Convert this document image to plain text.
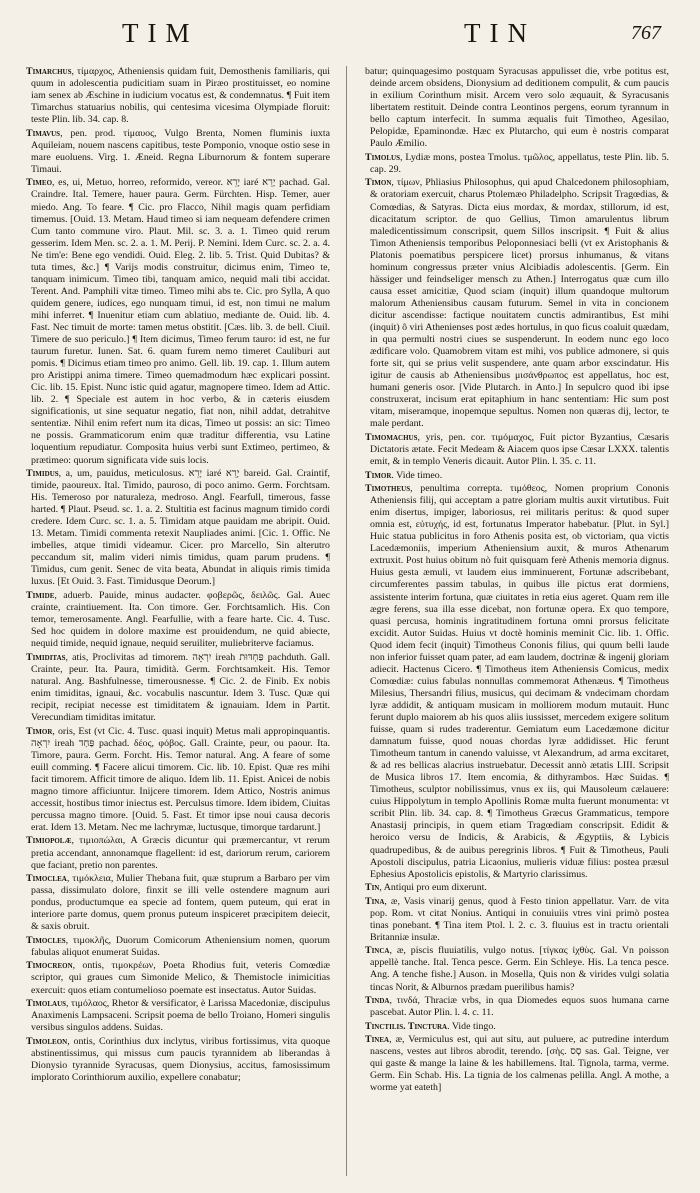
TIM	TIN	767

Timarchus, τίμαρχος, Atheniensis quidam fuit, Demosthenis familiaris, qui quum in adolescentia pudicitiam suam in Piræo prostituisset, eo nomine iam senex ab Æschine in iudicium vocatus est, & condemnatus. ¶ Fuit item Timarchus statuarius nobilis, qui centesima vicesima Olympiade floruit: teste Plin. lib. 34. cap. 8.

Timavus, pen. prod. τίμαυος, Vulgo Brenta, Nomen fluminis iuxta Aquileiam, nouem nascens capitibus, teste Pomponio, vnoque ostio sese in mare euoluens. Virg. 1. Æneid. Regna Liburnorum & fontem superare Timaui.

Timeo, es, ui, Metuo, horreo, reformido, vereor. יָרֵא iaré יָרֵא pachad. Gal. Craindre. Ital. Temere, hauer paura. Germ. Fürchten. Hisp. Temer, auer miedo. Ang. To feare. ¶ Cic. pro Flacco, Nihil magis quam perfidiam timemus. [Ouid. 13. Metam. Haud timeo si iam nequeam defendere crimen Cum tanto commune viro. Plaut. Mil. sc. 3. a. 1. Timeo quid rerum gesserim. Idem Men. sc. 2. a. 1. M. Perij. P. Nemini. Idem Curc. sc. 2. a. 4. Ne tim'e: Bene ego vendidi. Ouid. Eleg. 2. lib. 5. Trist. Quid Dubitas? & tuta times, &c.] ¶ Varijs modis construitur, dicimus enim, Timeo te, tanquam inimicum. Timeo tibi, tanquam amico, nequid mali tibi accidat. Terent. And. Pamphili vitæ timeo. Timeo mihi abs te. Cic. pro Sylla, A quo quidem genere, iudices, ego nunquam timui, id est, non timui ne malum mihi inferret. ¶ Inuenitur etiam cum ablatiuo, mediante de. Ouid. lib. 4. Fast. Nec timuit de morte: tamen metus obstitit. [Cæs. lib. 3. de bell. Ciuil. Timere de suo periculo.] ¶ Item dicimus, Timeo ferum tauro: id est, ne fur taurum furetur. Iunen. Sat. 6. quam furem nemo timeret Cauliburi aut pomis. ¶ Dicimus etiam timeo pro animo. Gell. lib. 19. cap. 1. Illum autem pro Aristippi anima timere. Timeo quemadmodum hæc explicari possint. Cic. lib. 15. Epist. Nunc istic quid agatur, magnopere timeo. Idem ad Attic. lib. 2. ¶ Speciale est autem in hoc verbo, & in cæteris eiusdem significationis, ut sine sequatur negatio, fiat non, nihil addat, detrahitve sententiæ. Nihil enim refert num ita dicas, Timeo ut possis: an sic: Timeo ne possis. Grammaticorum enim quæ traditur differentia, vsu Latine loquentium repudiatur. Composita huius verbi sunt Extimeo, pertimeo, & prætimeo: quorum significata vide suis locis.

Timidus, a, um, pauidus, meticulosus. יָרֵא iaré יָרֵא bareid. Gal. Craintif, timide, paoureux. Ital. Timido, pauroso, di poco animo. Germ. Forchtsam. His. Temeroso por naturaleza, medroso. Angl. Fearfull, timerous, fasse harted. ¶ Plaut. Pseud. sc. 1. a. 2. Stultitia est facinus magnum timido cordi credere. Idem Curc. sc. 1. a. 5. Timidam atque pauidam me abripit. Ouid. 13. Metam. Timidi commenta retexit Naupliades animi. [Cic. 1. Offic. Ne imbelles, atque timidi videamur. Cicer. pro Marcello, Sin alterutro peccandum sit, malim videri nimis timidus, quam parum prudens. ¶ Timidus, cum genit. Senec de vita beata, Abundat in aliquis rimis timida luxus. [Et Ouid. 3. Fast. Timidusque Deorum.]

Timide, aduerb. Pauide, minus audacter. φοβερῶς, δειλῶς. Gal. Auec crainte, craintiuement. Ita. Con timore. Ger. Forchtsamlich. His. Con temor, temerosamente. Angl. Fearfullie, with a feare harte. Cic. 4. Tusc. Sed hoc quidem in dolore maxime est prouidendum, ne quid abiecte, nequid timide, nequid ignaue, nequid seruiliter, muliebriterve faciamus.

Timiditas, atis, Proclivitas ad timorem. יִרְאָה ireah פַּחְדּוּת pachduth. Gall. Crainte, peur. Ita. Paura, timidità. Germ. Forchtsamkeit. His. Temor natural. Ang. Bashfulnesse, timerousnesse. ¶ Cic. 2. de Finib. Ex nobis enim timiditas, ignaui, &c. vocabulis nascuntur. Idem 3. Tusc. Quæ qui recipit, recipiat necesse est timiditatem & ignauiam. Idem in Partit. Verecundiam timiditas imitatur.

Timor, oris, Est (vt Cic. 4. Tusc. quasi inquit) Metus mali appropinquantis. יִרְאָה ireah פַּחַד pachad. δέος, φόβος. Gall. Crainte, peur, ou paour. Ita. Timore, paura. Germ. Forcht. His. Temor natural. Ang. A feare of some euill comming. ¶ Facere alicui timorem. Cic. lib. 10. Epist. Quæ res mihi facit timorem. Afficit timore de aliquo. Idem lib. 11. Epist. Anicei de nobis magno timore afficiuntur. Inijcere timorem. Idem Attico, Nostris animus accessit, hostibus timor iniectus est. Perculsus timore. Idem ibidem, Ciuitas percussa magno timore. [Ouid. 5. Fast. Et timor ipse noui causa decoris erat. Idem 13. Metam. Nec me lachrymæ, luctusque, timorque tardarunt.]

Timiopolæ, τιμιοπώλαι, A Græcis dicuntur qui præmercantur, vt rerum pretia accendant, annonamque flagellent: id est, dariorum rerum, cariorem que faciant, pretio non parentes.

Timoclea, τιμόκλεια, Mulier Thebana fuit, quæ stuprum a Barbaro per vim passa, dissimulato dolore, finxit se illi velle ostendere magnum auri pondus, productumque ea specie ad fontem, quem puteum, qui erat in interiore parte domus, quem pronus puteum inspiceret præcipitem deiecit, & saxis obruit.

Timocles, τιμοκλῆς, Duorum Comicorum Atheniensium nomen, quorum fabulas aliquot enumerat Suidas.

Timocreon, ontis, τιμοκρέων, Poeta Rhodius fuit, veteris Comœdiæ scriptor, qui graues cum Simonide Melico, & Themistocle inimicitias exercuit: quos etiam contumelioso poemate est insectatus. Autor Suidas.

Timolaus, τιμόλαος, Rhetor & versificator, è Larissa Macedoniæ, discipulus Anaximenis Lampsaceni. Scripsit poema de bello Troiano, Homeri singulis versibus singulos addens. Suidas.

Timoleon, ontis, Corinthius dux inclytus, viribus fortissimus, vita quoque abstinentissimus, qui missus cum paucis tyrannidem ab liberandas à Dionysio tyrannide Syracusas, quem Dionysius, accitus, famosissimum implorato Corinthiorum auxilio, expellere conabatur;

batur; quinquagesimo postquam Syracusas appulisset die, vrbe potitus est, deinde arcem obsidens, Dionysium ad deditionem compulit, & cum paucis in exilium Corinthum misit. Arcem vero solo æquauit, & Syracusanis libertatem restituit. Deinde contra Leontinos pergens, eorum tyrannum in bello captum interfecit. In summa æqualis fuit Timotheo, Agesilao, Pelopidæ, Epaminondæ. Hæc ex Plutarcho, qui eum è nostris comparat Paulo Æmilio.

Timolus, Lydiæ mons, postea Tmolus. τμῶλος, appellatus, teste Plin. lib. 5. cap. 29.

Timon, τίμων, Phliasius Philosophus, qui apud Chalcedonem philosophiam, & oratoriam exercuit, charus Ptolemæo Philadelpho. Scripsit Tragœdias, & Comœdias, & Satyras. Dicta eius mordax, & mordax, stillorum, id est, dicacitatum scriptor. de quo Gellius, Timon amarulentus librum maledicentissimum conscripsit, quem Sillos inscripsit. ¶ Fuit & alius Timon Atheniensis temporibus Peloponnesiaci belli (vt ex Aristophanis & Platonis poematibus perspicere licet) prorsus inhumanus, & vitans hominum congressus præter vnius Alcibiadis adolescentis. [Germ. Ein hässiger und feindseliger mensch zu Athen.] Interrogatus quæ cum illo causa esset amicitiæ, Quod sciam (inquit) illum quandoque multorum malorum Atheniensibus causam futurum. Semel in vita in concionem dicitur ascendisse: factique nouitatem cunctis admirantibus, Est mihi (inquit) ô viri Athenienses post ædes hortulus, in quo ficus coaluit quædam, in qua permulti nostri ciues se suspenderunt. In eodem nunc ego loco ædificare volo. Quamobrem vitam est mihi, vos publice admonere, si quis forte sit, qui se prius velit suspendere, ante quam arbor exscindatur. His igitur de causis ab Atheniensibus μισάνθρωπος est appellatus, hoc est, humani generis osor. [Vide Plutarch. in Anto.] In sepulcro quod ibi ipse construxerat, incisum erat epitaphium in hanc sententiam: Hic sum post vitam, miseramque, inopemque sepultus. Nomen non quæras dij, lector, te male perdant.

Timomachus, yris, pen. cor. τιμόμαχος, Fuit pictor Byzantius, Cæsaris Dictatoris ætate. Fecit Medeam & Aiacem quos ipse Cæsar LXXX. talentis emit, & in templo Veneris dicauit. Autor Plin. l. 35. c. 11.

Timor. Vide timeo.

Timotheus, penultima correpta. τιμόθεος, Nomen proprium Cononis Atheniensis filij, qui acceptam a patre gloriam multis auxit virtutibus. Fuit enim disertus, impiger, laboriosus, rei militaris peritus: & quod super omnia est, εὐτυχής, id est, fortunatus Imperator habebatur. [Plut. in Syl.] Huic statua publicitus in foro Athenis posita est, ob victoriam, qua victis Lacedæmoniis, imperium Atheniensium auxit, & muros Athenarum extruxit. Post huius obitum nò fuit quisquam ferè Athenis memoria dignus. Huius gesta æmuli, vt laudem eius imminuerent, Fortunæ adscribebant, circumferentes passim tabulas, in quibus ille pictus erat dormiens, assistente interim fortuna, quæ ciuitates in retia eius ageret. Quam rem ille ægre ferens, sua illa esse dicebat, non fortunæ opera. Ex quo tempore, quasi percusa, hominis ingratitudinem fortuna omni prorsus felicitate excidit. Autor Suidas. Huius vt doctè hominis meminit Cic. lib. 1. Offic. Quod idem fecit (inquit) Timotheus Cononis filius, qui quum belli laude non inferior fuisset quam pater, ad eam laudem, doctrinæ & ingenij gloriam adiecit. Hactenus Cicero. ¶ Timotheus item Atheniensis Comicus, medix Comœdiæ: cuius fabulas nonnullas commemorat Athenæus. ¶ Timotheus Milesius, Thersandri filius, musicus, qui decimam & vndecimam chordam lyræ addidit, & antiquam musicam in molliorem modum mutauit. Hunc ferunt duplo maiorem ab his quos aliis iussisset, mercedem exigere solitum fuisse, quam si rudes traderentur. Gemiatum eum Lacedæmone dicitur damnatum fuisse, quod nouas chordas lyræ addidisset. Hic ferunt Timotheum tantum in canendo valuisse, vt Alexandrum, ad arma excitaret, & ad res bellicas alacrius instruebatur. Decessit annò ætatis LIII. Scripsit de Musica libros 17. Item encomia, & dithyrambos. Hæc Suidas. ¶ Timotheus, sculptor nobilissimus, vnus ex iis, qui Mausoleum cælauere: cuius Hippolytum in templo Apollinis Romæ multa fuerunt monumenta: vt scribit Plin. lib. 34. cap. 8. ¶ Timotheus Græcus Grammaticus, tempore Anastasij principis, in quem etiam Tragœdiam conscripsit. Edidit & heroico versu de Indicis, & Arabicis, & Ægyptiis, & Lybicis quadrupedibus, & de auibus peregrinis libros. ¶ Fuit & Timotheus, Pauli Apostoli discipulus, patria Licaonius, mulieris viduæ filius: postea præsul Ephesius Apostolicis epistolis, & Martyrio clarissimus.

Tin, Antiqui pro eum dixerunt.

Tina, æ, Vasis vinarij genus, quod à Festo tinion appellatur. Varr. de vita pop. Rom. vt citat Nonius. Antiqui in conuiuiis vtres vini primò postea tinas ponebant. ¶ Tina item Ptol. l. 2. c. 3. fluuius est in tractu orientali Britanniæ insulæ.

Tinca, æ, piscis fluuiatilis, vulgo notus. [τίγκας ἰχθὺς. Gal. Vn poisson appellè tanche. Ital. Tenca pesce. Germ. Ein Schleye. His. La tenca pesce. Ang. A tenche fishe.] Auson. in Mosella, Quis non & virides vulgi solatia tincas Norit, & Alburnos prædam puerilibus hamis?

Tinda, τινδά, Thraciæ vrbs, in qua Diomedes equos suos humana carne pascebat. Autor Plin. l. 4. c. 11.

Tinctilis. Tinctura. Vide tingo.

Tinea, æ, Vermiculus est, qui aut situ, aut puluere, ac putredine interdum nascens, vestes aut libros abrodit, terendo. [σὴς. סָס sas. Gal. Teigne, ver qui gaste & mange la laine & les habillemens. Ital. Tignola, tarma, verme. Germ. Ein Schab. His. La tignia de los calmenas pelilla. Angl. A mothe, a worme yat eateth]
